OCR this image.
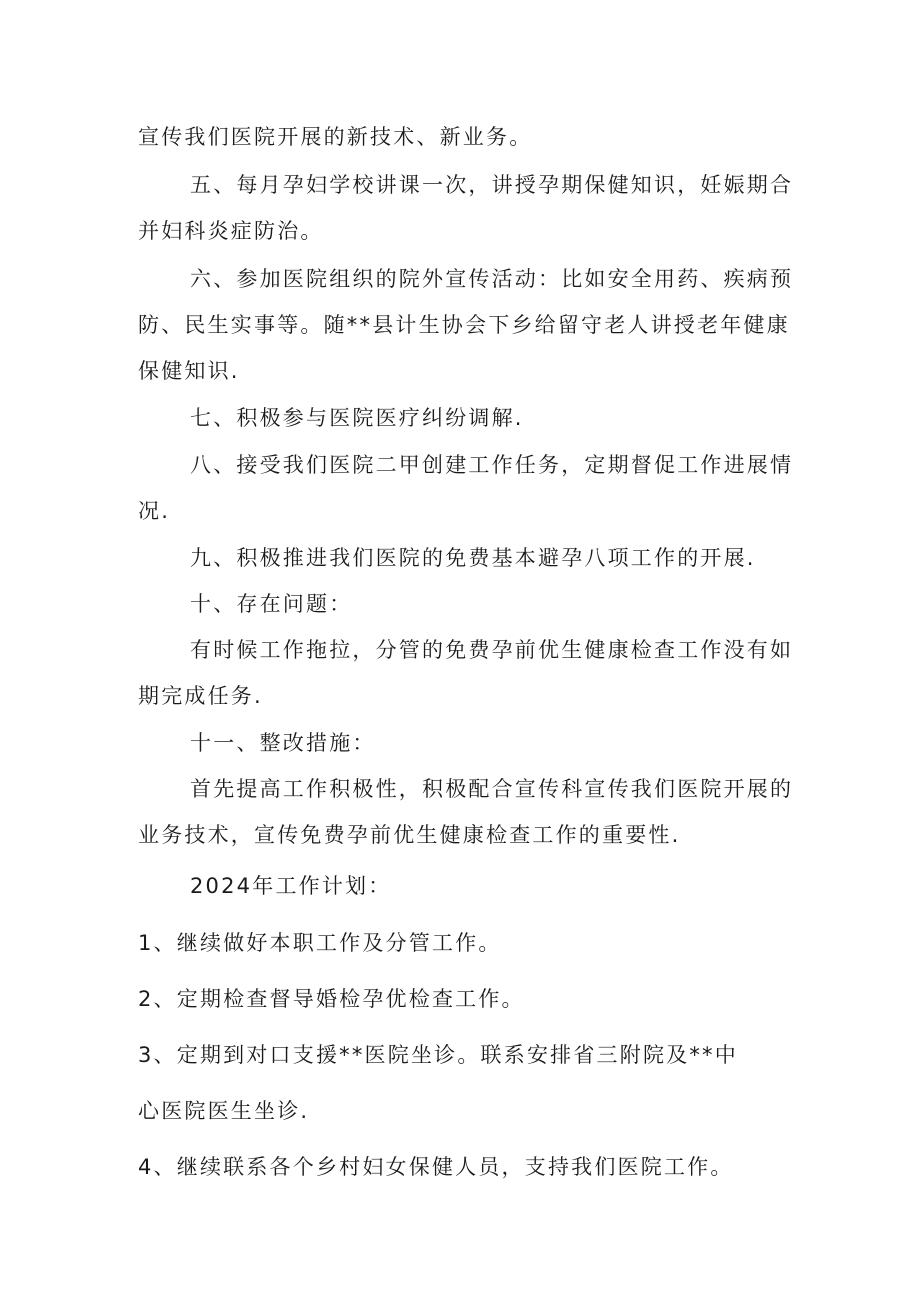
宣传我们医院开展的新技术、新业务。
五、每月孕妇学校讲课一次，讲授孕期保健知识，妊娠期合
并妇科炎症防治。
六、参加医院组织的院外宣传活动：比如安全用药、疾病预
防、民生实事等。随**县计生协会下乡给留守老人讲授老年健康
保健知识.
七、积极参与医院医疗纠纷调解.
八、接受我们医院二甲创建工作任务，定期督促工作进展情
况.
九、积极推进我们医院的免费基本避孕八项工作的开展.
十、存在问题：
有时候工作拖拉，分管的免费孕前优生健康检查工作没有如
期完成任务.
十一、整改措施：
首先提高工作积极性，积极配合宣传科宣传我们医院开展的
业务技术，宣传免费孕前优生健康检查工作的重要性.
2024年工作计划：
1、继续做好本职工作及分管工作。
2、定期检查督导婚检孕优检查工作。
3、定期到对口支援**医院坐诊。联系安排省三附院及**中
心医院医生坐诊.
4、继续联系各个乡村妇女保健人员，支持我们医院工作。
